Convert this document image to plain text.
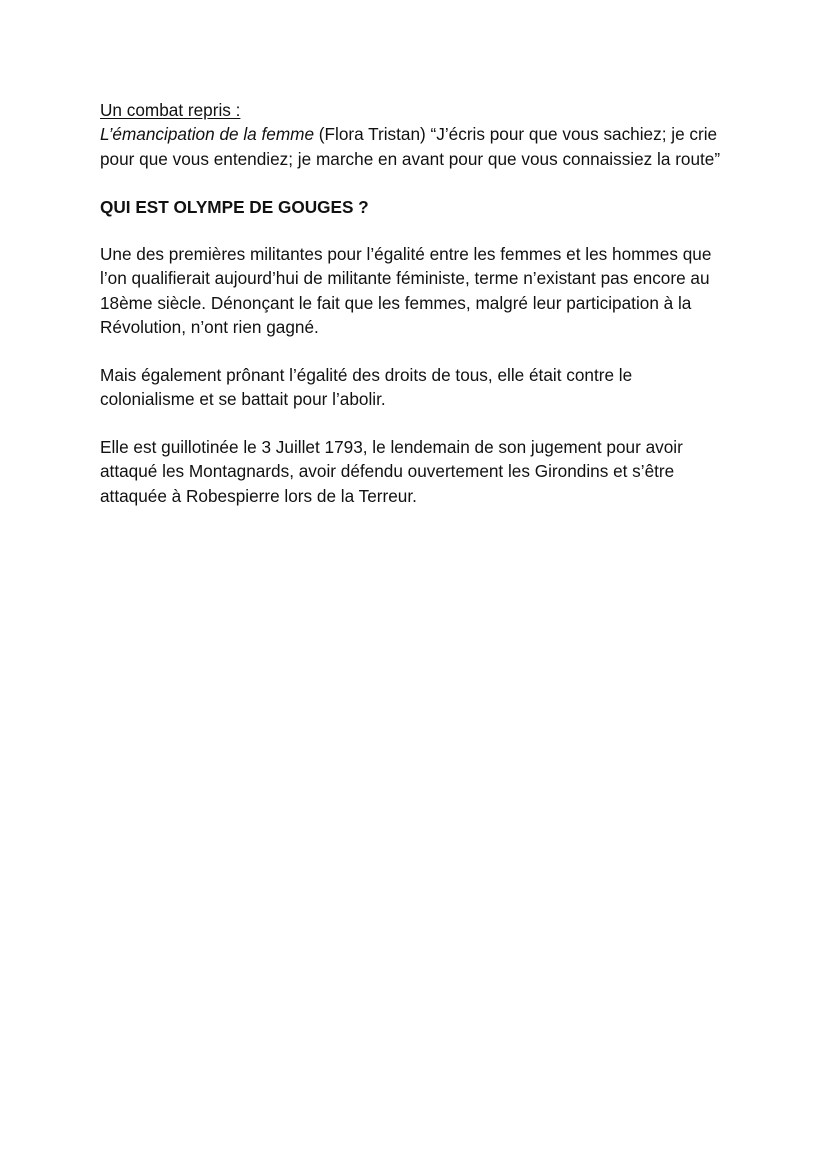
Un combat repris :
L’émancipation de la femme (Flora Tristan) “J’écris pour que vous sachiez; je crie pour que vous entendiez; je marche en avant pour que vous connaissiez la route”

QUI EST OLYMPE DE GOUGES ?

Une des premières militantes pour l’égalité entre les femmes et les hommes que l’on qualifierait aujourd’hui de militante féministe, terme n’existant pas encore au 18ème siècle. Dénonçant le fait que les femmes, malgré leur participation à la Révolution, n’ont rien gagné.

Mais également prônant l’égalité des droits de tous, elle était contre le colonialisme et se battait pour l’abolir.

Elle est guillotinée le 3 Juillet 1793, le lendemain de son jugement pour avoir attaqué les Montagnards, avoir défendu ouvertement les Girondins et s’être attaquée à Robespierre lors de la Terreur.
